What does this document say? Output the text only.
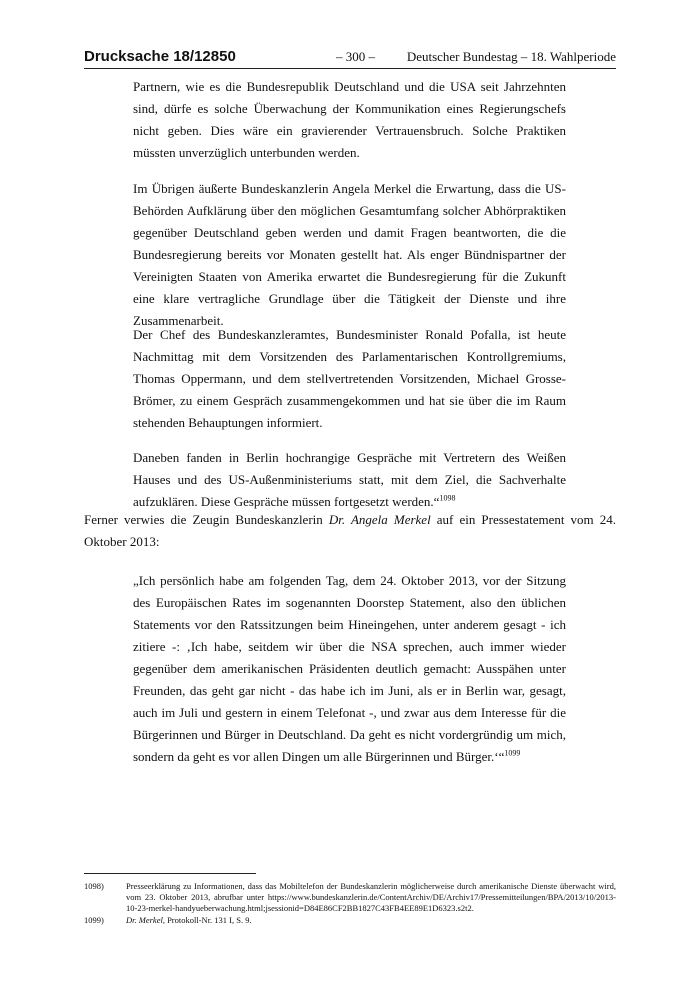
Drucksache 18/12850	– 300 – Deutscher Bundestag – 18. Wahlperiode

Partnern, wie es die Bundesrepublik Deutschland und die USA seit Jahrzehnten sind, dürfe es solche Überwachung der Kommunikation eines Regierungschefs nicht geben. Dies wäre ein gravierender Vertrauensbruch. Solche Praktiken müssten unverzüglich unterbunden werden.

Im Übrigen äußerte Bundeskanzlerin Angela Merkel die Erwartung, dass die US-Behörden Aufklärung über den möglichen Gesamtumfang solcher Abhörpraktiken gegenüber Deutschland geben werden und damit Fragen beantworten, die die Bundesregierung bereits vor Monaten gestellt hat. Als enger Bündnispartner der Vereinigten Staaten von Amerika erwartet die Bundesregierung für die Zukunft eine klare vertragliche Grundlage über die Tätigkeit der Dienste und ihre Zusammenarbeit.

Der Chef des Bundeskanzleramtes, Bundesminister Ronald Pofalla, ist heute Nachmittag mit dem Vorsitzenden des Parlamentarischen Kontrollgremiums, Thomas Oppermann, und dem stellvertretenden Vorsitzenden, Michael Grosse-Brömer, zu einem Gespräch zusammengekommen und hat sie über die im Raum stehenden Behauptungen informiert.

Daneben fanden in Berlin hochrangige Gespräche mit Vertretern des Weißen Hauses und des US-Außenministeriums statt, mit dem Ziel, die Sachverhalte aufzuklären. Diese Gespräche müssen fortgesetzt werden.“$^{1098}$

Ferner verwies die Zeugin Bundeskanzlerin Dr. Angela Merkel auf ein Pressestatement vom 24. Oktober 2013:

„Ich persönlich habe am folgenden Tag, dem 24. Oktober 2013, vor der Sitzung des Europäischen Rates im sogenannten Doorstep Statement, also den üblichen Statements vor den Ratssitzungen beim Hineingehen, unter anderem gesagt - ich zitiere -: ‚Ich habe, seitdem wir über die NSA sprechen, auch immer wieder gegenüber dem amerikanischen Präsidenten deutlich gemacht: Ausspähen unter Freunden, das geht gar nicht - das habe ich im Juni, als er in Berlin war, gesagt, auch im Juli und gestern in einem Telefonat -, und zwar aus dem Interesse für die Bürgerinnen und Bürger in Deutschland. Da geht es nicht vordergründig um mich, sondern da geht es vor allen Dingen um alle Bürgerinnen und Bürger.‘“$^{1099}$

1098)	Presseerklärung zu Informationen, dass das Mobiltelefon der Bundeskanzlerin möglicherweise durch amerikanische Dienste überwacht wird, vom 23. Oktober 2013, abrufbar unter https://www.bundeskanzlerin.de/ContentArchiv/DE/Archiv17/Pressemitteilungen/BPA/2013/10/2013-10-23-merkel-handyueberwachung.html;jsessionid=D84E86CF2BB1827C43FB4EE89E1D6323.s2t2.
1099)	Dr. Merkel, Protokoll-Nr. 131 I, S. 9.
